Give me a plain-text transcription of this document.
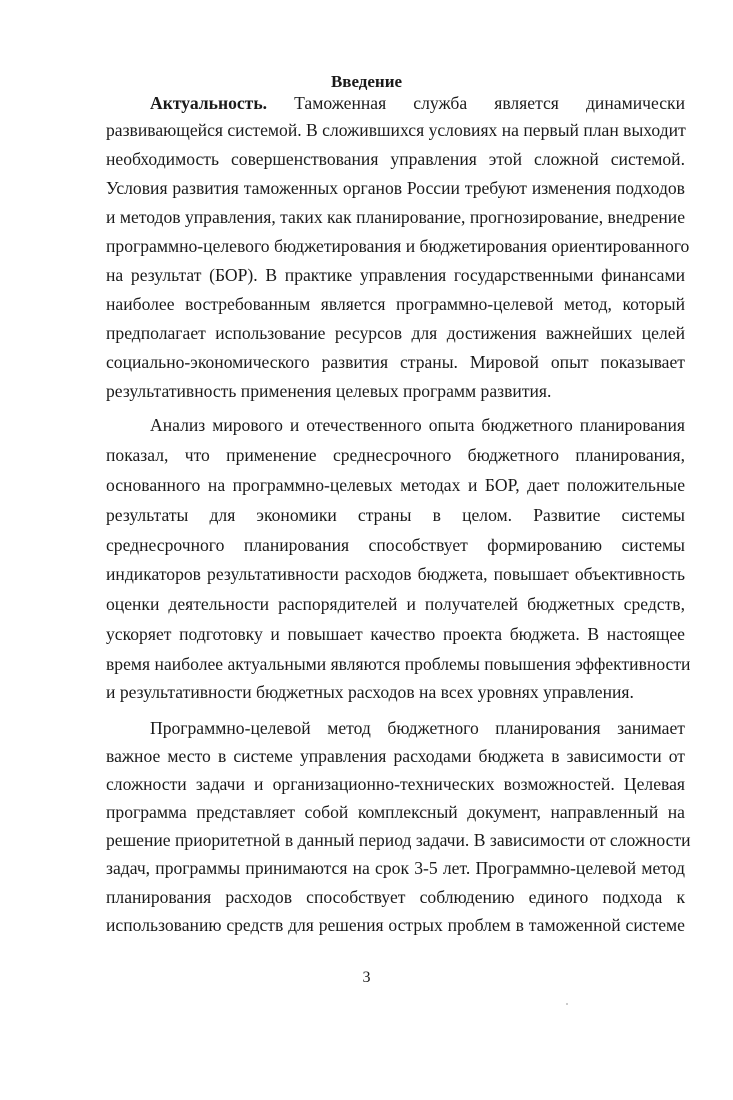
Введение
Актуальность. Таможенная служба является динамически
развивающейся системой. В сложившихся условиях на первый план выходит
необходимость совершенствования управления этой сложной системой.
Условия развития таможенных органов России требуют изменения подходов
и методов управления, таких как планирование, прогнозирование, внедрение
программно-целевого бюджетирования и бюджетирования ориентированного
на результат (БОР). В практике управления государственными финансами
наиболее востребованным является программно-целевой метод, который
предполагает использование ресурсов для достижения важнейших целей
социально-экономического развития страны. Мировой опыт показывает
результативность применения целевых программ развития.
Анализ мирового и отечественного опыта бюджетного планирования
показал, что применение среднесрочного бюджетного планирования,
основанного на программно-целевых методах и БОР, дает положительные
результаты для экономики страны в целом. Развитие системы
среднесрочного планирования способствует формированию системы
индикаторов результативности расходов бюджета, повышает объективность
оценки деятельности распорядителей и получателей бюджетных средств,
ускоряет подготовку и повышает качество проекта бюджета. В настоящее
время наиболее актуальными являются проблемы повышения эффективности
и результативности бюджетных расходов на всех уровнях управления.
Программно-целевой метод бюджетного планирования занимает
важное место в системе управления расходами бюджета в зависимости от
сложности задачи и организационно-технических возможностей. Целевая
программа представляет собой комплексный документ, направленный на
решение приоритетной в данный период задачи. В зависимости от сложности
задач, программы принимаются на срок 3-5 лет. Программно-целевой метод
планирования расходов способствует соблюдению единого подхода к
использованию средств для решения острых проблем в таможенной системе
3
